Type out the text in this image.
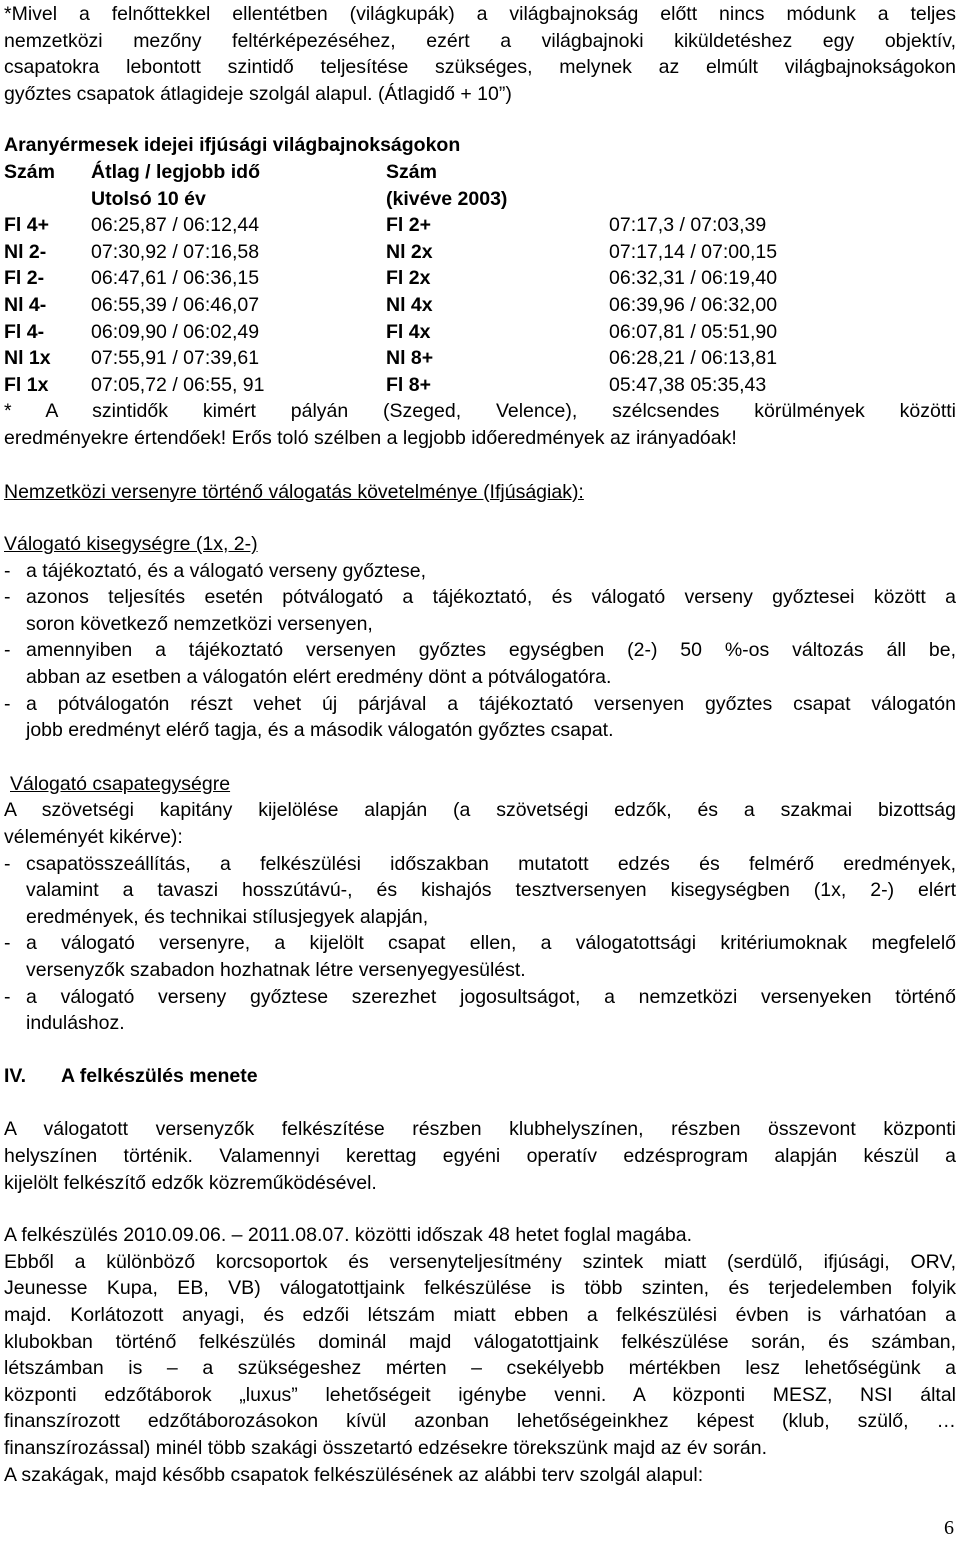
*Mivel a felnőttekkel ellentétben (világkupák) a világbajnokság előtt nincs módunk a teljes

nemzetközi mezőny feltérképezéséhez, ezért a világbajnoki kiküldetéshez egy objektív,

csapatokra lebontott szintidő teljesítése szükséges, melynek az elmúlt világbajnokságokon

győztes csapatok átlagideje szolgál alapul. (Átlagidő + 10”)

Aranyérmesek idejei ifjúsági világbajnokságokon
Szám Átlag / legjobb idő	Szám
Utolsó 10 év	(kivéve 2003)
Fl 4+ 06:25,87 / 06:12,44	Fl 2+	07:17,3 / 07:03,39
Nl 2- 07:30,92 / 07:16,58	Nl 2x	07:17,14 / 07:00,15
Fl 2- 06:47,61 / 06:36,15	Fl 2x	06:32,31 / 06:19,40
Nl 4- 06:55,39 / 06:46,07	Nl 4x	06:39,96 / 06:32,00
Fl 4- 06:09,90 / 06:02,49	Fl 4x	06:07,81 / 05:51,90
Nl 1x 07:55,91 / 07:39,61	Nl 8+	06:28,21 / 06:13,81
Fl 1x 07:05,72 / 06:55, 91	Fl 8+	05:47,38 05:35,43

* A szintidők kimért pályán (Szeged, Velence), szélcsendes körülmények közötti

eredményekre értendőek! Erős toló szélben a legjobb időeredmények az irányadóak!

Nemzetközi versenyre történő válogatás követelménye (Ifjúságiak):

Válogató kisegységre (1x, 2-)

- a tájékoztató, és a válogató verseny győztese,

- azonos teljesítés esetén pótválogató a tájékoztató, és válogató verseny győztesei között a

soron következő nemzetközi versenyen,

- amennyiben a tájékoztató versenyen győztes egységben (2-) 50 %-os változás áll be,

abban az esetben a válogatón elért eredmény dönt a pótválogatóra.

- a pótválogatón részt vehet új párjával a tájékoztató versenyen győztes csapat válogatón

jobb eredményt elérő tagja, és a második válogatón győztes csapat.

Válogató csapategységre

A szövetségi kapitány kijelölése alapján (a szövetségi edzők, és a szakmai bizottság

véleményét kikérve):

- csapatösszeállítás, a felkészülési időszakban mutatott edzés és felmérő eredmények,

valamint a tavaszi hosszútávú-, és kishajós tesztversenyen kisegységben (1x, 2-) elért

eredmények, és technikai stílusjegyek alapján,

- a válogató versenyre, a kijelölt csapat ellen, a válogatottsági kritériumoknak megfelelő

versenyzők szabadon hozhatnak létre versenyegyesülést.

- a válogató verseny győztese szerezhet jogosultságot, a nemzetközi versenyeken történő

induláshoz.

IV. A felkészülés menete

A válogatott versenyzők felkészítése részben klubhelyszínen, részben összevont központi

helyszínen történik. Valamennyi kerettag egyéni operatív edzésprogram alapján készül a

kijelölt felkészítő edzők közreműködésével.

A felkészülés 2010.09.06. – 2011.08.07. közötti időszak 48 hetet foglal magába.

Ebből a különböző korcsoportok és versenyteljesítmény szintek miatt (serdülő, ifjúsági, ORV,

Jeunesse Kupa, EB, VB) válogatottjaink felkészülése is több szinten, és terjedelemben folyik

majd. Korlátozott anyagi, és edzői létszám miatt ebben a felkészülési évben is várhatóan a

klubokban történő felkészülés dominál majd válogatottjaink felkészülése során, és számban,

létszámban is – a szükségeshez mérten – csekélyebb mértékben lesz lehetőségünk a

központi edzőtáborok „luxus” lehetőségeit igénybe venni. A központi MESZ, NSI által

finanszírozott edzőtáborozásokon kívül azonban lehetőségeinkhez képest (klub, szülő, …

finanszírozással) minél több szakági összetartó edzésekre törekszünk majd az év során.

A szakágak, majd később csapatok felkészülésének az alábbi terv szolgál alapul:

6
